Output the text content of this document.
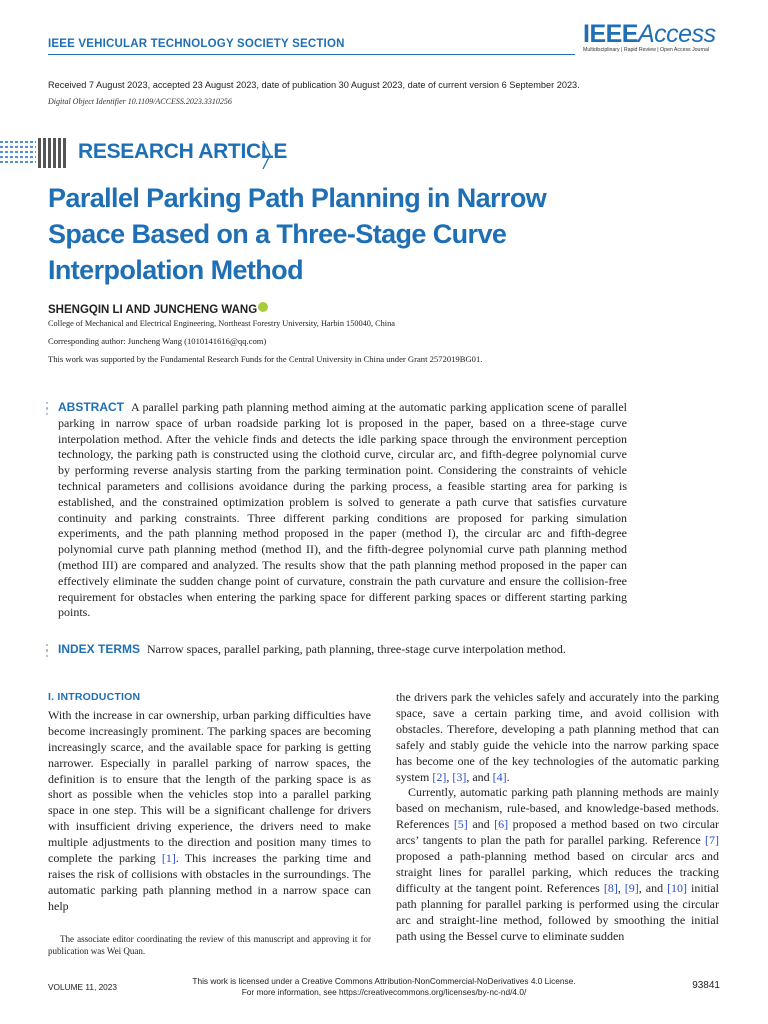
IEEE VEHICULAR TECHNOLOGY SOCIETY SECTION	IEEEAccess
Multidisciplinary | Rapid Review | Open Access Journal
Received 7 August 2023, accepted 23 August 2023, date of publication 30 August 2023, date of current version 6 September 2023.
Digital Object Identifier 10.1109/ACCESS.2023.3310256
RESEARCH ARTICLE
Parallel Parking Path Planning in Narrow
Space Based on a Three-Stage Curve
Interpolation Method
SHENGQIN LI AND JUNCHENG WANG
College of Mechanical and Electrical Engineering, Northeast Forestry University, Harbin 150040, China
Corresponding author: Juncheng Wang (1010141616@qq.com)
This work was supported by the Fundamental Research Funds for the Central University in China under Grant 2572019BG01.
ABSTRACT A parallel parking path planning method aiming at the automatic parking application scene of parallel parking in narrow space of urban roadside parking lot is proposed in the paper, based on a three-stage curve interpolation method. After the vehicle finds and detects the idle parking space through the environment perception technology, the parking path is constructed using the clothoid curve, circular arc, and fifth-degree polynomial curve by performing reverse analysis starting from the parking termination point. Considering the constraints of vehicle technical parameters and collisions avoidance during the parking process, a feasible starting area for parking is established, and the constrained optimization problem is solved to generate a path curve that satisfies curvature continuity and parking constraints. Three different parking conditions are proposed for parking simulation experiments, and the path planning method proposed in the paper (method I), the circular arc and fifth-degree polynomial curve path planning method (method II), and the fifth-degree polynomial curve path planning method (method III) are compared and analyzed. The results show that the path planning method proposed in the paper can effectively eliminate the sudden change point of curvature, constrain the path curvature and ensure the collision-free requirement for obstacles when entering the parking space for different parking spaces or different starting parking points.
INDEX TERMS Narrow spaces, parallel parking, path planning, three-stage curve interpolation method.
I. INTRODUCTION

With the increase in car ownership, urban parking difficulties have become increasingly prominent. The parking spaces are becoming increasingly scarce, and the available space for parking is getting narrower. Especially in parallel parking of narrow spaces, the definition is to ensure that the length of the parking space is as short as possible when the vehicles stop into a parallel parking space in one step. This will be a significant challenge for drivers with insufficient driving experience, the drivers need to make multiple adjustments to the direction and position many times to complete the parking [1]. This increases the parking time and raises the risk of collisions with obstacles in the surroundings. The automatic parking path planning method in a narrow space can help

The associate editor coordinating the review of this manuscript and approving it for publication was Wei Quan.

the drivers park the vehicles safely and accurately into the parking space, save a certain parking time, and avoid collision with obstacles. Therefore, developing a path planning method that can safely and stably guide the vehicle into the narrow parking space has become one of the key technologies of the automatic parking system [2], [3], and [4].

Currently, automatic parking path planning methods are mainly based on mechanism, rule-based, and knowledge-based methods. References [5] and [6] proposed a method based on two circular arcs’ tangents to plan the path for parallel parking. Reference [7] proposed a path-planning method based on circular arcs and straight lines for parallel parking, which reduces the tracking difficulty at the tangent point. References [8], [9], and [10] initial path planning for parallel parking is performed using the circular arc and straight-line method, followed by smoothing the initial path using the Bessel curve to eliminate sudden

This work is licensed under a Creative Commons Attribution-NonCommercial-NoDerivatives 4.0 License.
For more information, see https://creativecommons.org/licenses/by-nc-nd/4.0/
VOLUME 11, 2023	93841
